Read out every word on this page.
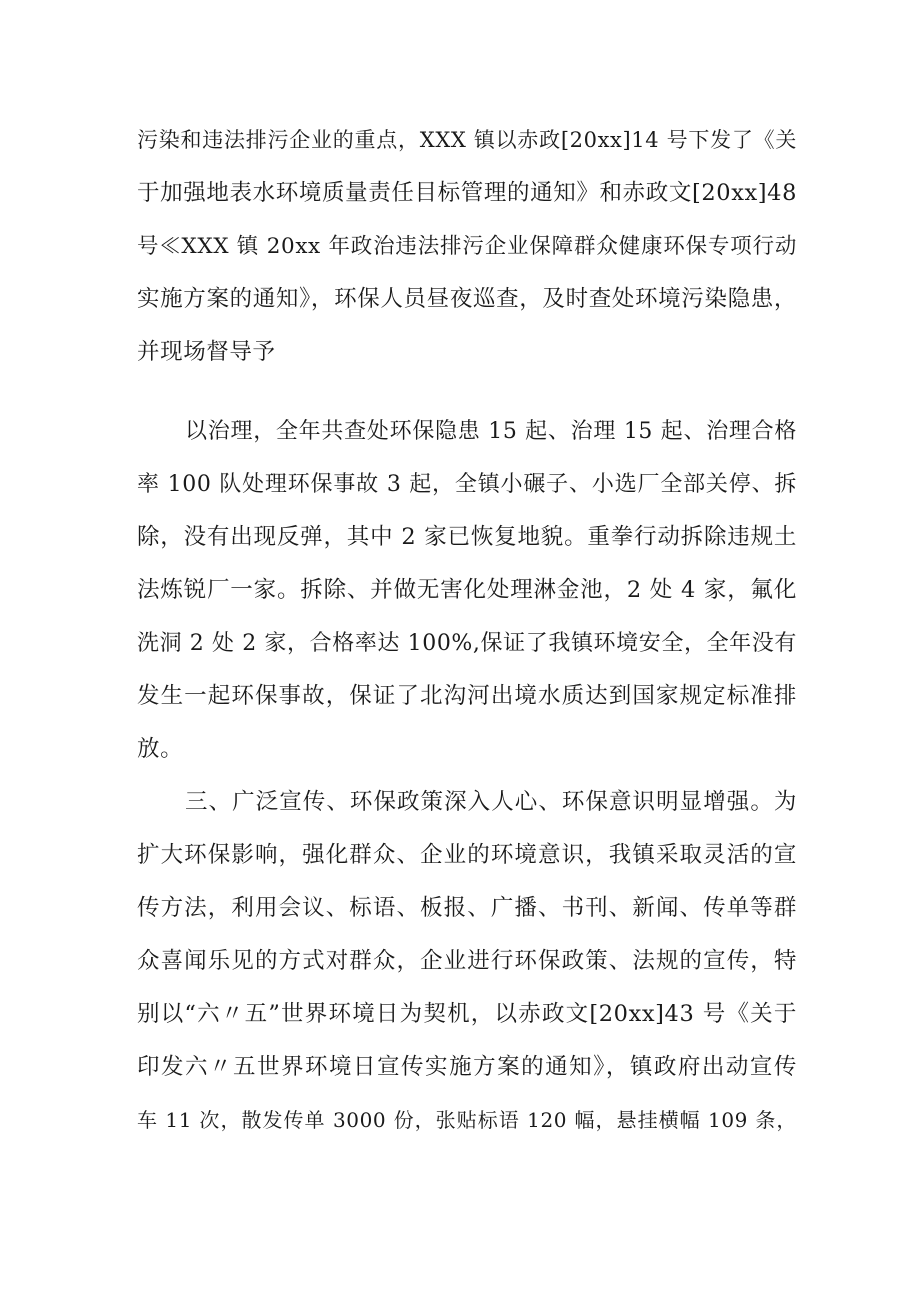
污染和违法排污企业的重点，XXX 镇以赤政[20xx]14 号下发了《关
于加强地表水环境质量责任目标管理的通知》和赤政文[20xx]48
号≪XXX 镇 20xx 年政治违法排污企业保障群众健康环保专项行动
实施方案的通知》，环保人员昼夜巡查，及时查处环境污染隐患，
并现场督导予
以治理，全年共查处环保隐患 15 起、治理 15 起、治理合格
率 100 队处理环保事故 3 起，全镇小碾子、小选厂全部关停、拆
除，没有出现反弹，其中 2 家已恢复地貌。重拳行动拆除违规土
法炼锐厂一家。拆除、并做无害化处理淋金池，2 处 4 家，氟化
洗洞 2 处 2 家，合格率达 100%,保证了我镇环境安全，全年没有
发生一起环保事故，保证了北沟河出境水质达到国家规定标准排
放。
三、广泛宣传、环保政策深入人心、环保意识明显增强。为
扩大环保影响，强化群众、企业的环境意识，我镇采取灵活的宣
传方法，利用会议、标语、板报、广播、书刊、新闻、传单等群
众喜闻乐见的方式对群众，企业进行环保政策、法规的宣传，特
别以“六〃五”世界环境日为契机，以赤政文[20xx]43 号《关于
印发六〃五世界环境日宣传实施方案的通知》，镇政府出动宣传
车 11 次，散发传单 3000 份，张贴标语 120 幅，悬挂横幅 109 条，
